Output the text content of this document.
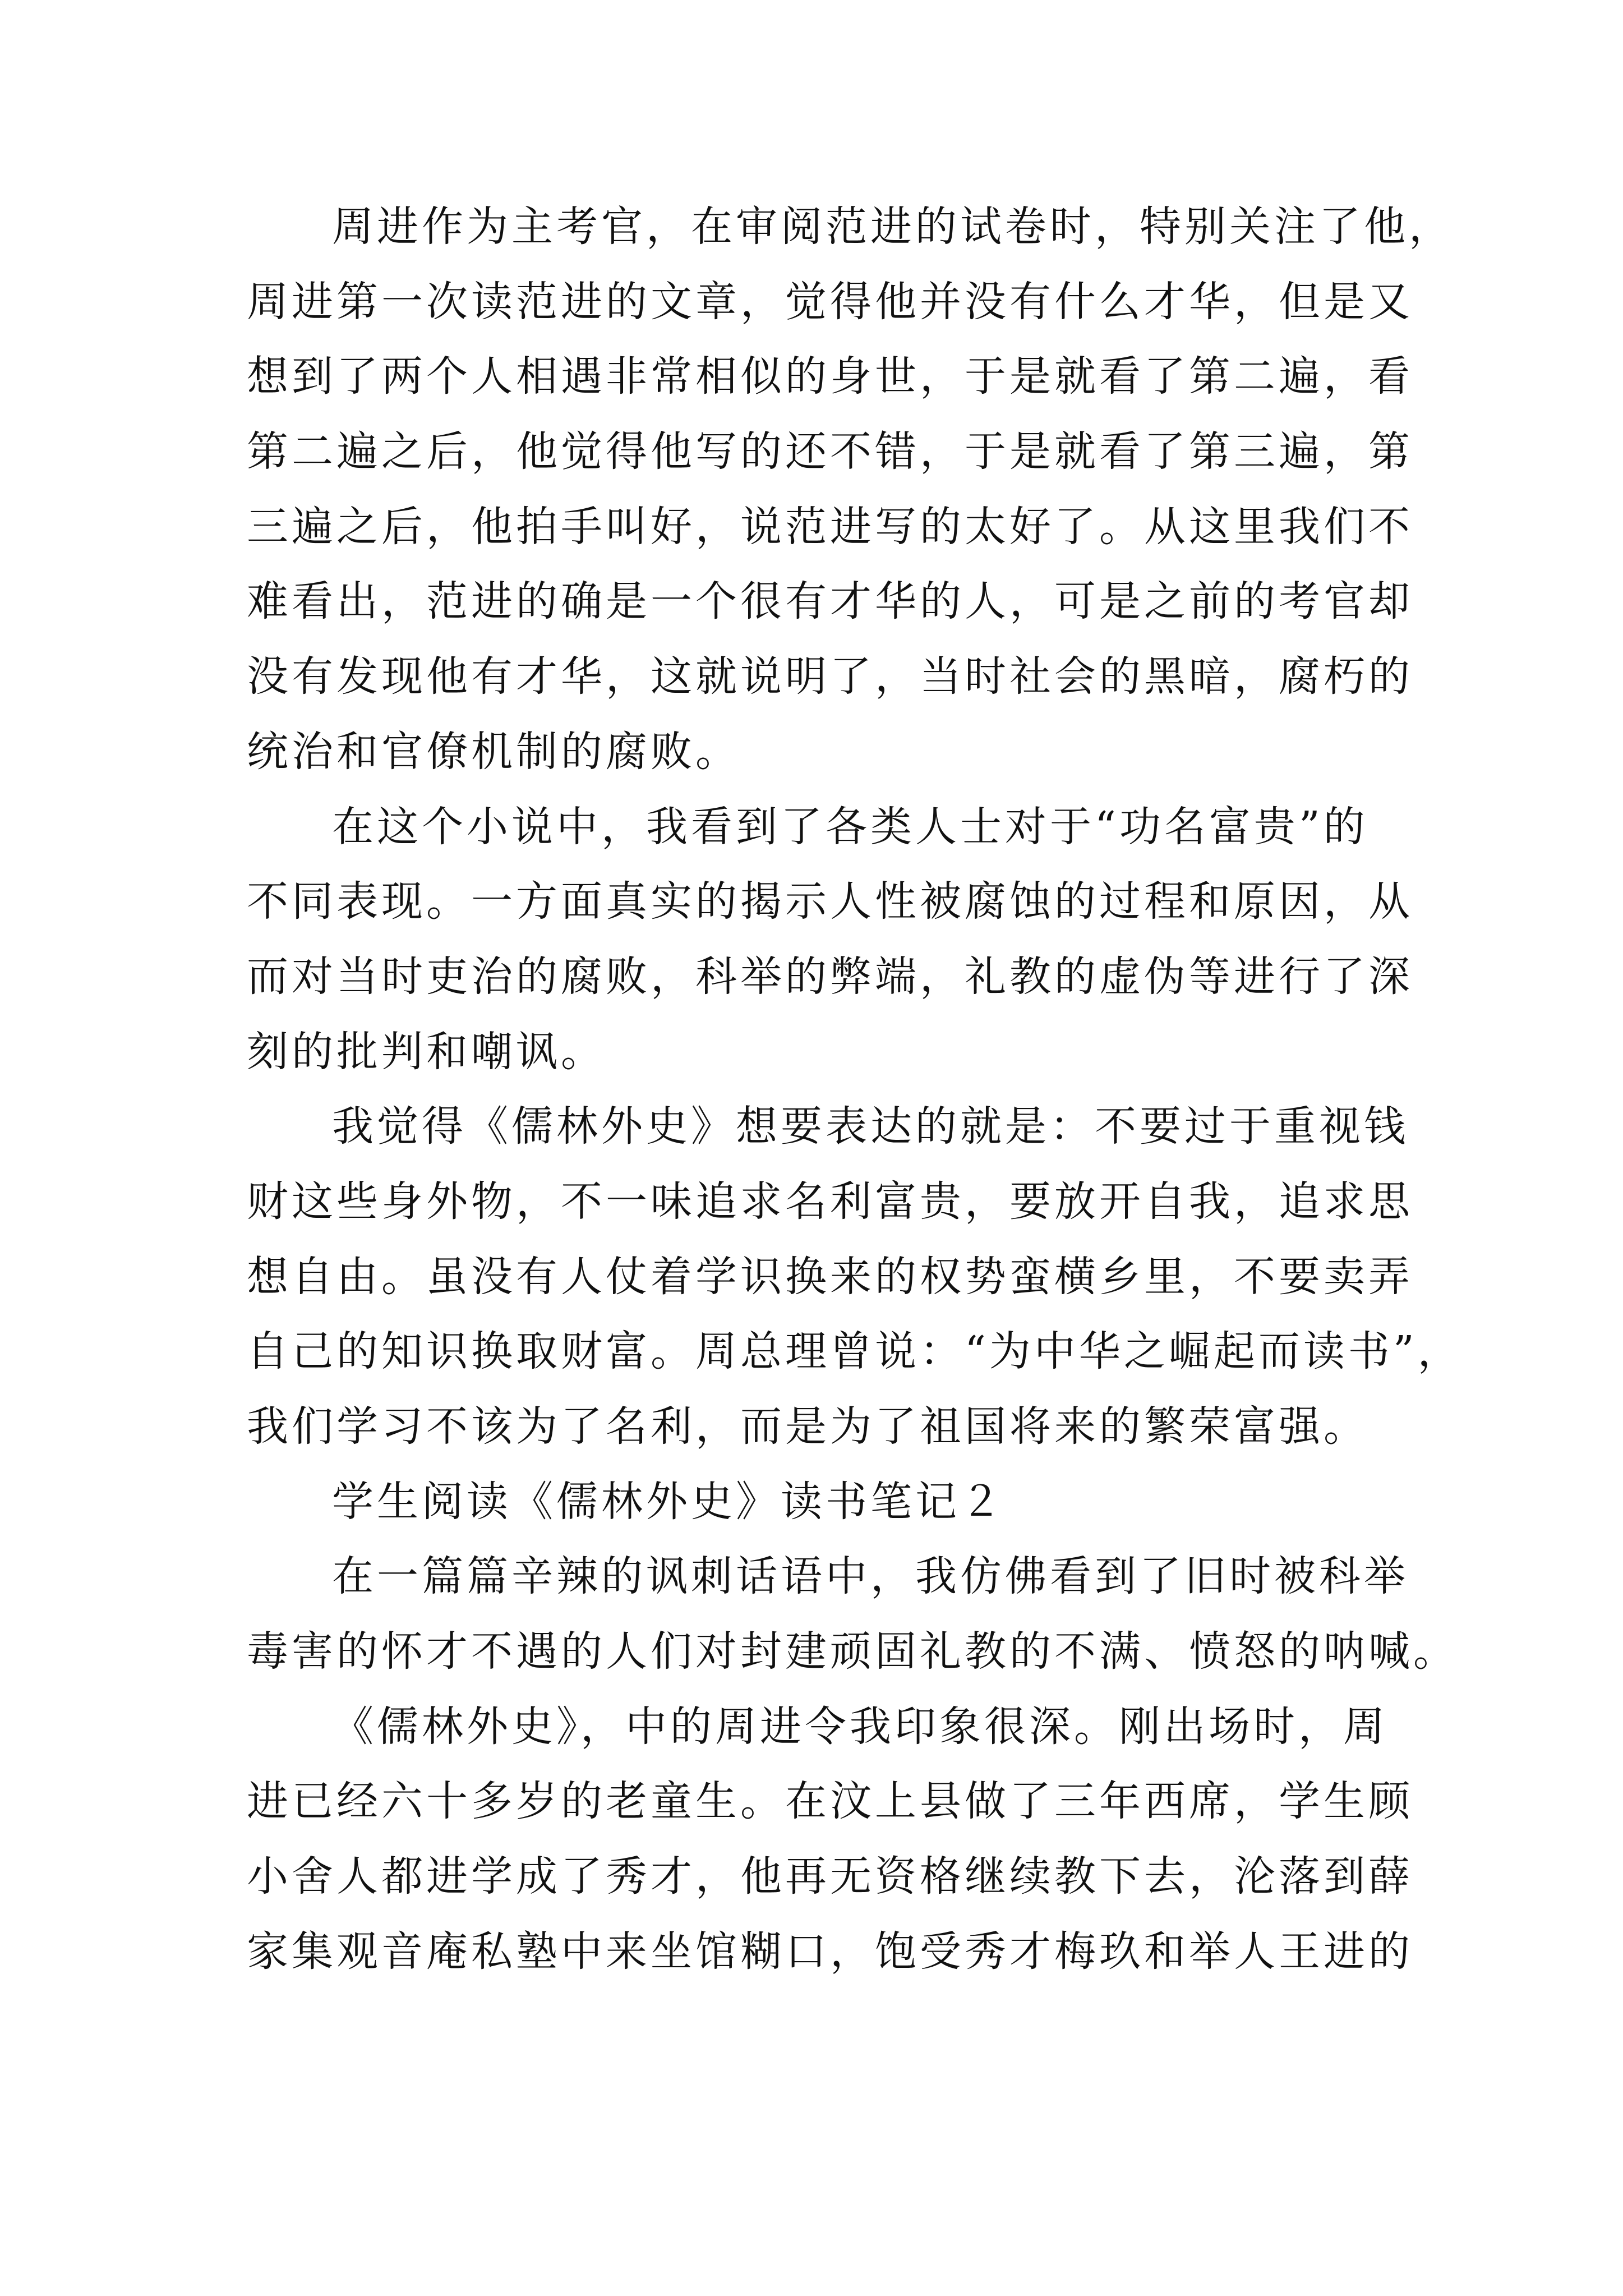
周进作为主考官，在审阅范进的试卷时，特别关注了他，
周进第一次读范进的文章，觉得他并没有什么才华，但是又
想到了两个人相遇非常相似的身世，于是就看了第二遍，看
第二遍之后，他觉得他写的还不错，于是就看了第三遍，第
三遍之后，他拍手叫好，说范进写的太好了。从这里我们不
难看出，范进的确是一个很有才华的人，可是之前的考官却
没有发现他有才华，这就说明了，当时社会的黑暗，腐朽的
统治和官僚机制的腐败。
在这个小说中，我看到了各类人士对于“功名富贵”的
不同表现。一方面真实的揭示人性被腐蚀的过程和原因，从
而对当时吏治的腐败，科举的弊端，礼教的虚伪等进行了深
刻的批判和嘲讽。
我觉得《儒林外史》想要表达的就是：不要过于重视钱
财这些身外物，不一味追求名利富贵，要放开自我，追求思
想自由。虽没有人仗着学识换来的权势蛮横乡里，不要卖弄
自己的知识换取财富。周总理曾说：“为中华之崛起而读书”，
我们学习不该为了名利，而是为了祖国将来的繁荣富强。
学生阅读《儒林外史》读书笔记２
在一篇篇辛辣的讽刺话语中，我仿佛看到了旧时被科举
毒害的怀才不遇的人们对封建顽固礼教的不满、愤怒的呐喊。
《儒林外史》，中的周进令我印象很深。刚出场时，周
进已经六十多岁的老童生。在汶上县做了三年西席，学生顾
小舍人都进学成了秀才，他再无资格继续教下去，沦落到薛
家集观音庵私塾中来坐馆糊口，饱受秀才梅玖和举人王进的
